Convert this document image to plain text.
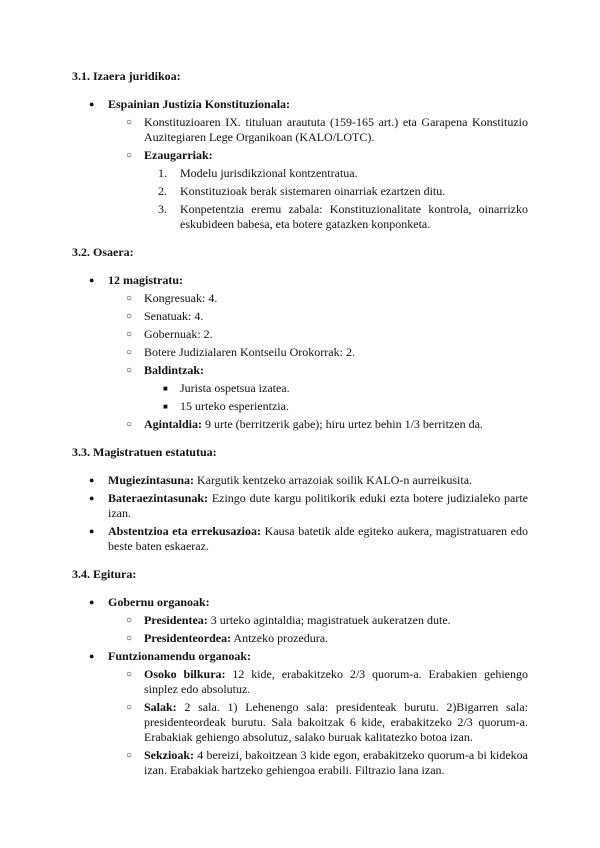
3.1. Izaera juridikoa:
● Espainian Justizia Konstituzionala:
○ Konstituzioaren IX. tituluan araututa (159-165 art.) eta Garapena Konstituzio Auzitegiaren Lege Organikoan (KALO/LOTC).
○ Ezaugarriak:
1. Modelu jurisdikzional kontzentratua.
2. Konstituzioak berak sistemaren oinarriak ezartzen ditu.
3. Konpetentzia eremu zabala: Konstituzionalitate kontrola, oinarrizko eskubideen babesa, eta botere gatazken konponketa.
3.2. Osaera:
● 12 magistratu:
○ Kongresuak: 4.
○ Senatuak: 4.
○ Gobernuak: 2.
○ Botere Judizialaren Kontseilu Orokorrak: 2.
○ Baldintzak:
■ Jurista ospetsua izatea.
■ 15 urteko esperientzia.
○ Agintaldia: 9 urte (berritzerik gabe); hiru urtez behin 1/3 berritzen da.
3.3. Magistratuen estatutua:
● Mugiezintasuna: Kargutik kentzeko arrazoiak soilik KALO-n aurreikusita.
● Bateraezintasunak: Ezingo dute kargu politikorik eduki ezta botere judizialeko parte izan.
● Abstentzioa eta errekusazioa: Kausa batetik alde egiteko aukera, magistratuaren edo beste baten eskaeraz.
3.4. Egitura:
● Gobernu organoak:
○ Presidentea: 3 urteko agintaldia; magistratuek aukeratzen dute.
○ Presidenteordea: Antzeko prozedura.
● Funtzionamendu organoak:
○ Osoko bilkura: 12 kide, erabakitzeko 2/3 quorum-a. Erabakien gehiengo sinplez edo absolutuz.
○ Salak: 2 sala. 1) Lehenengo sala: presidenteak burutu. 2)Bigarren sala: presidenteordeak burutu. Sala bakoitzak 6 kide, erabakitzeko 2/3 quorum-a. Erabakiak gehiengo absolutuz, salako buruak kalitatezko botoa izan.
○ Sekzioak: 4 bereizi, bakoitzean 3 kide egon, erabakitzeko quorum-a bi kidekoa izan. Erabakiak hartzeko gehiengoa erabili. Filtrazio lana izan.
